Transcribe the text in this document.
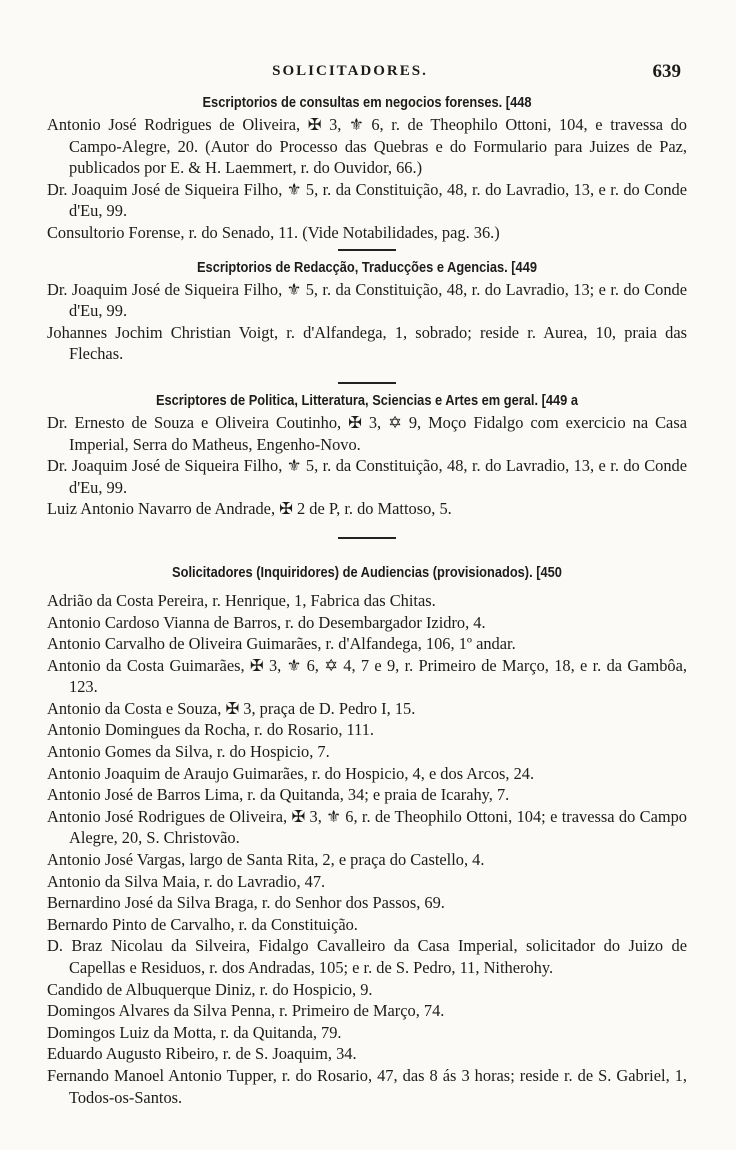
SOLICITADORES.	639

Escriptorios de consultas em negocios forenses. [448

Antonio José Rodrigues de Oliveira, ✠ 3, ⚜ 6, r. de Theophilo Ottoni, 104, e travessa do Campo-Alegre, 20. (Autor do Processo das Quebras e do Formulario para Juizes de Paz, publicados por E. & H. Laemmert, r. do Ouvidor, 66.)

Dr. Joaquim José de Siqueira Filho, ⚜ 5, r. da Constituição, 48, r. do Lavradio, 13, e r. do Conde d'Eu, 99.

Consultorio Forense, r. do Senado, 11. (Vide Notabilidades, pag. 36.)

Escriptorios de Redacção, Traducções e Agencias. [449

Dr. Joaquim José de Siqueira Filho, ⚜ 5, r. da Constituição, 48, r. do Lavradio, 13; e r. do Conde d'Eu, 99.

Johannes Jochim Christian Voigt, r. d'Alfandega, 1, sobrado; reside r. Aurea, 10, praia das Flechas.

Escriptores de Politica, Litteratura, Sciencias e Artes em geral. [449 a

Dr. Ernesto de Souza e Oliveira Coutinho, ✠ 3, ✡ 9, Moço Fidalgo com exercicio na Casa Imperial, Serra do Matheus, Engenho-Novo.

Dr. Joaquim José de Siqueira Filho, ⚜ 5, r. da Constituição, 48, r. do Lavradio, 13, e r. do Conde d'Eu, 99.

Luiz Antonio Navarro de Andrade, ✠ 2 de P, r. do Mattoso, 5.

Solicitadores (Inquiridores) de Audiencias (provisionados). [450

Adrião da Costa Pereira, r. Henrique, 1, Fabrica das Chitas.

Antonio Cardoso Vianna de Barros, r. do Desembargador Izidro, 4.

Antonio Carvalho de Oliveira Guimarães, r. d'Alfandega, 106, 1º andar.

Antonio da Costa Guimarães, ✠ 3, ⚜ 6, ✡ 4, 7 e 9, r. Primeiro de Março, 18, e r. da Gambôa, 123.

Antonio da Costa e Souza, ✠ 3, praça de D. Pedro I, 15.

Antonio Domingues da Rocha, r. do Rosario, 111.

Antonio Gomes da Silva, r. do Hospicio, 7.

Antonio Joaquim de Araujo Guimarães, r. do Hospicio, 4, e dos Arcos, 24.

Antonio José de Barros Lima, r. da Quitanda, 34; e praia de Icarahy, 7.

Antonio José Rodrigues de Oliveira, ✠ 3, ⚜ 6, r. de Theophilo Ottoni, 104; e travessa do Campo Alegre, 20, S. Christovão.

Antonio José Vargas, largo de Santa Rita, 2, e praça do Castello, 4.

Antonio da Silva Maia, r. do Lavradio, 47.

Bernardino José da Silva Braga, r. do Senhor dos Passos, 69.

Bernardo Pinto de Carvalho, r. da Constituição.

D. Braz Nicolau da Silveira, Fidalgo Cavalleiro da Casa Imperial, solicitador do Juizo de Capellas e Residuos, r. dos Andradas, 105; e r. de S. Pedro, 11, Nitherohy.

Candido de Albuquerque Diniz, r. do Hospicio, 9.

Domingos Alvares da Silva Penna, r. Primeiro de Março, 74.

Domingos Luiz da Motta, r. da Quitanda, 79.

Eduardo Augusto Ribeiro, r. de S. Joaquim, 34.

Fernando Manoel Antonio Tupper, r. do Rosario, 47, das 8 ás 3 horas; reside r. de S. Gabriel, 1, Todos-os-Santos.
